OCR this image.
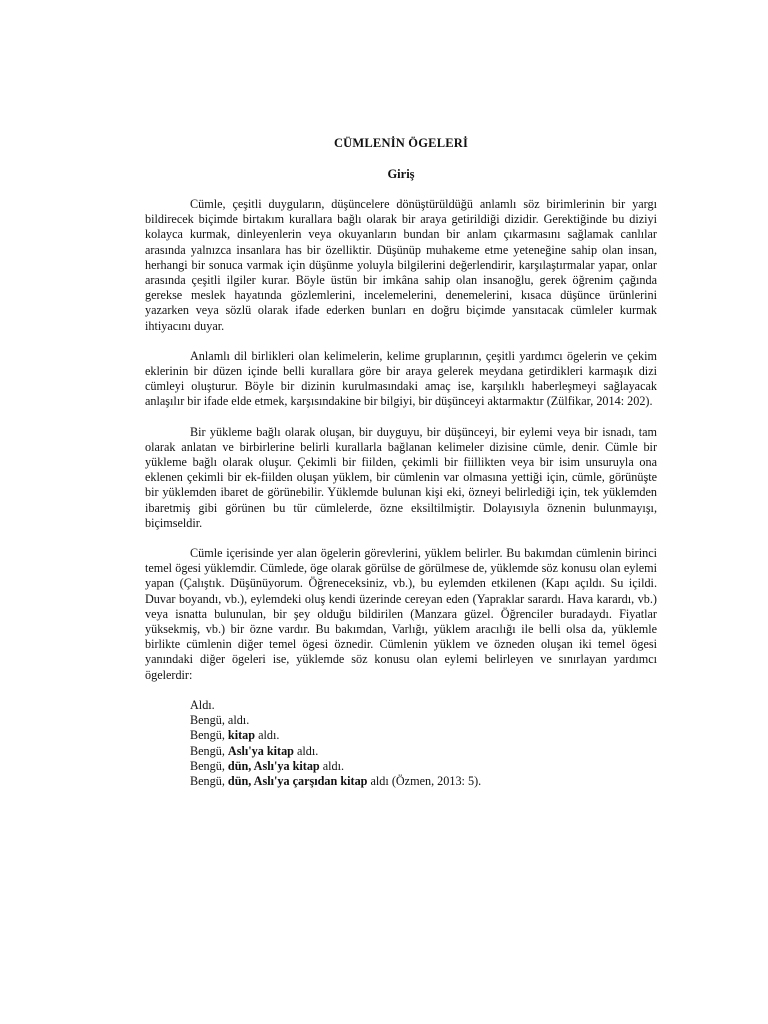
CÜMLENİN ÖGELERİ
Giriş

Cümle, çeşitli duyguların, düşüncelere dönüştürüldüğü anlamlı söz birimlerinin bir yargı bildirecek biçimde birtakım kurallara bağlı olarak bir araya getirildiği dizidir. Gerektiğinde bu diziyi kolayca kurmak, dinleyenlerin veya okuyanların bundan bir anlam çıkarmasını sağlamak canlılar arasında yalnızca insanlara has bir özelliktir. Düşünüp muhakeme etme yeteneğine sahip olan insan, herhangi bir sonuca varmak için düşünme yoluyla bilgilerini değerlendirir, karşılaştırmalar yapar, onlar arasında çeşitli ilgiler kurar. Böyle üstün bir imkâna sahip olan insanoğlu, gerek öğrenim çağında gerekse meslek hayatında gözlemlerini, incelemelerini, denemelerini, kısaca düşünce ürünlerini yazarken veya sözlü olarak ifade ederken bunları en doğru biçimde yansıtacak cümleler kurmak ihtiyacını duyar.

Anlamlı dil birlikleri olan kelimelerin, kelime gruplarının, çeşitli yardımcı ögelerin ve çekim eklerinin bir düzen içinde belli kurallara göre bir araya gelerek meydana getirdikleri karmaşık dizi cümleyi oluşturur. Böyle bir dizinin kurulmasındaki amaç ise, karşılıklı haberleşmeyi sağlayacak anlaşılır bir ifade elde etmek, karşısındakine bir bilgiyi, bir düşünceyi aktarmaktır (Zülfikar, 2014: 202).

Bir yükleme bağlı olarak oluşan, bir duyguyu, bir düşünceyi, bir eylemi veya bir isnadı, tam olarak anlatan ve birbirlerine belirli kurallarla bağlanan kelimeler dizisine cümle, denir. Cümle bir yükleme bağlı olarak oluşur. Çekimli bir fiilden, çekimli bir fiillikten veya bir isim unsuruyla ona eklenen çekimli bir ek-fiilden oluşan yüklem, bir cümlenin var olmasına yettiği için, cümle, görünüşte bir yüklemden ibaret de görünebilir. Yüklemde bulunan kişi eki, özneyi belirlediği için, tek yüklemden ibaretmiş gibi görünen bu tür cümlelerde, özne eksiltilmiştir. Dolayısıyla öznenin bulunmayışı, biçimseldir.

Cümle içerisinde yer alan ögelerin görevlerini, yüklem belirler. Bu bakımdan cümlenin birinci temel ögesi yüklemdir. Cümlede, öge olarak görülse de görülmese de, yüklemde söz konusu olan eylemi yapan (Çalıştık. Düşünüyorum. Öğreneceksiniz, vb.), bu eylemden etkilenen (Kapı açıldı. Su içildi. Duvar boyandı, vb.), eylemdeki oluş kendi üzerinde cereyan eden (Yapraklar sarardı. Hava karardı, vb.) veya isnatta bulunulan, bir şey olduğu bildirilen (Manzara güzel. Öğrenciler buradaydı. Fiyatlar yüksekmiş, vb.) bir özne vardır. Bu bakımdan, Varlığı, yüklem aracılığı ile belli olsa da, yüklemle birlikte cümlenin diğer temel ögesi öznedir. Cümlenin yüklem ve özneden oluşan iki temel ögesi yanındaki diğer ögeleri ise, yüklemde söz konusu olan eylemi belirleyen ve sınırlayan yardımcı ögelerdir:

Aldı.
Bengü, aldı.
Bengü, kitap aldı.
Bengü, Aslı'ya kitap aldı.
Bengü, dün, Aslı'ya kitap aldı.
Bengü, dün, Aslı'ya çarşıdan kitap aldı (Özmen, 2013: 5).
